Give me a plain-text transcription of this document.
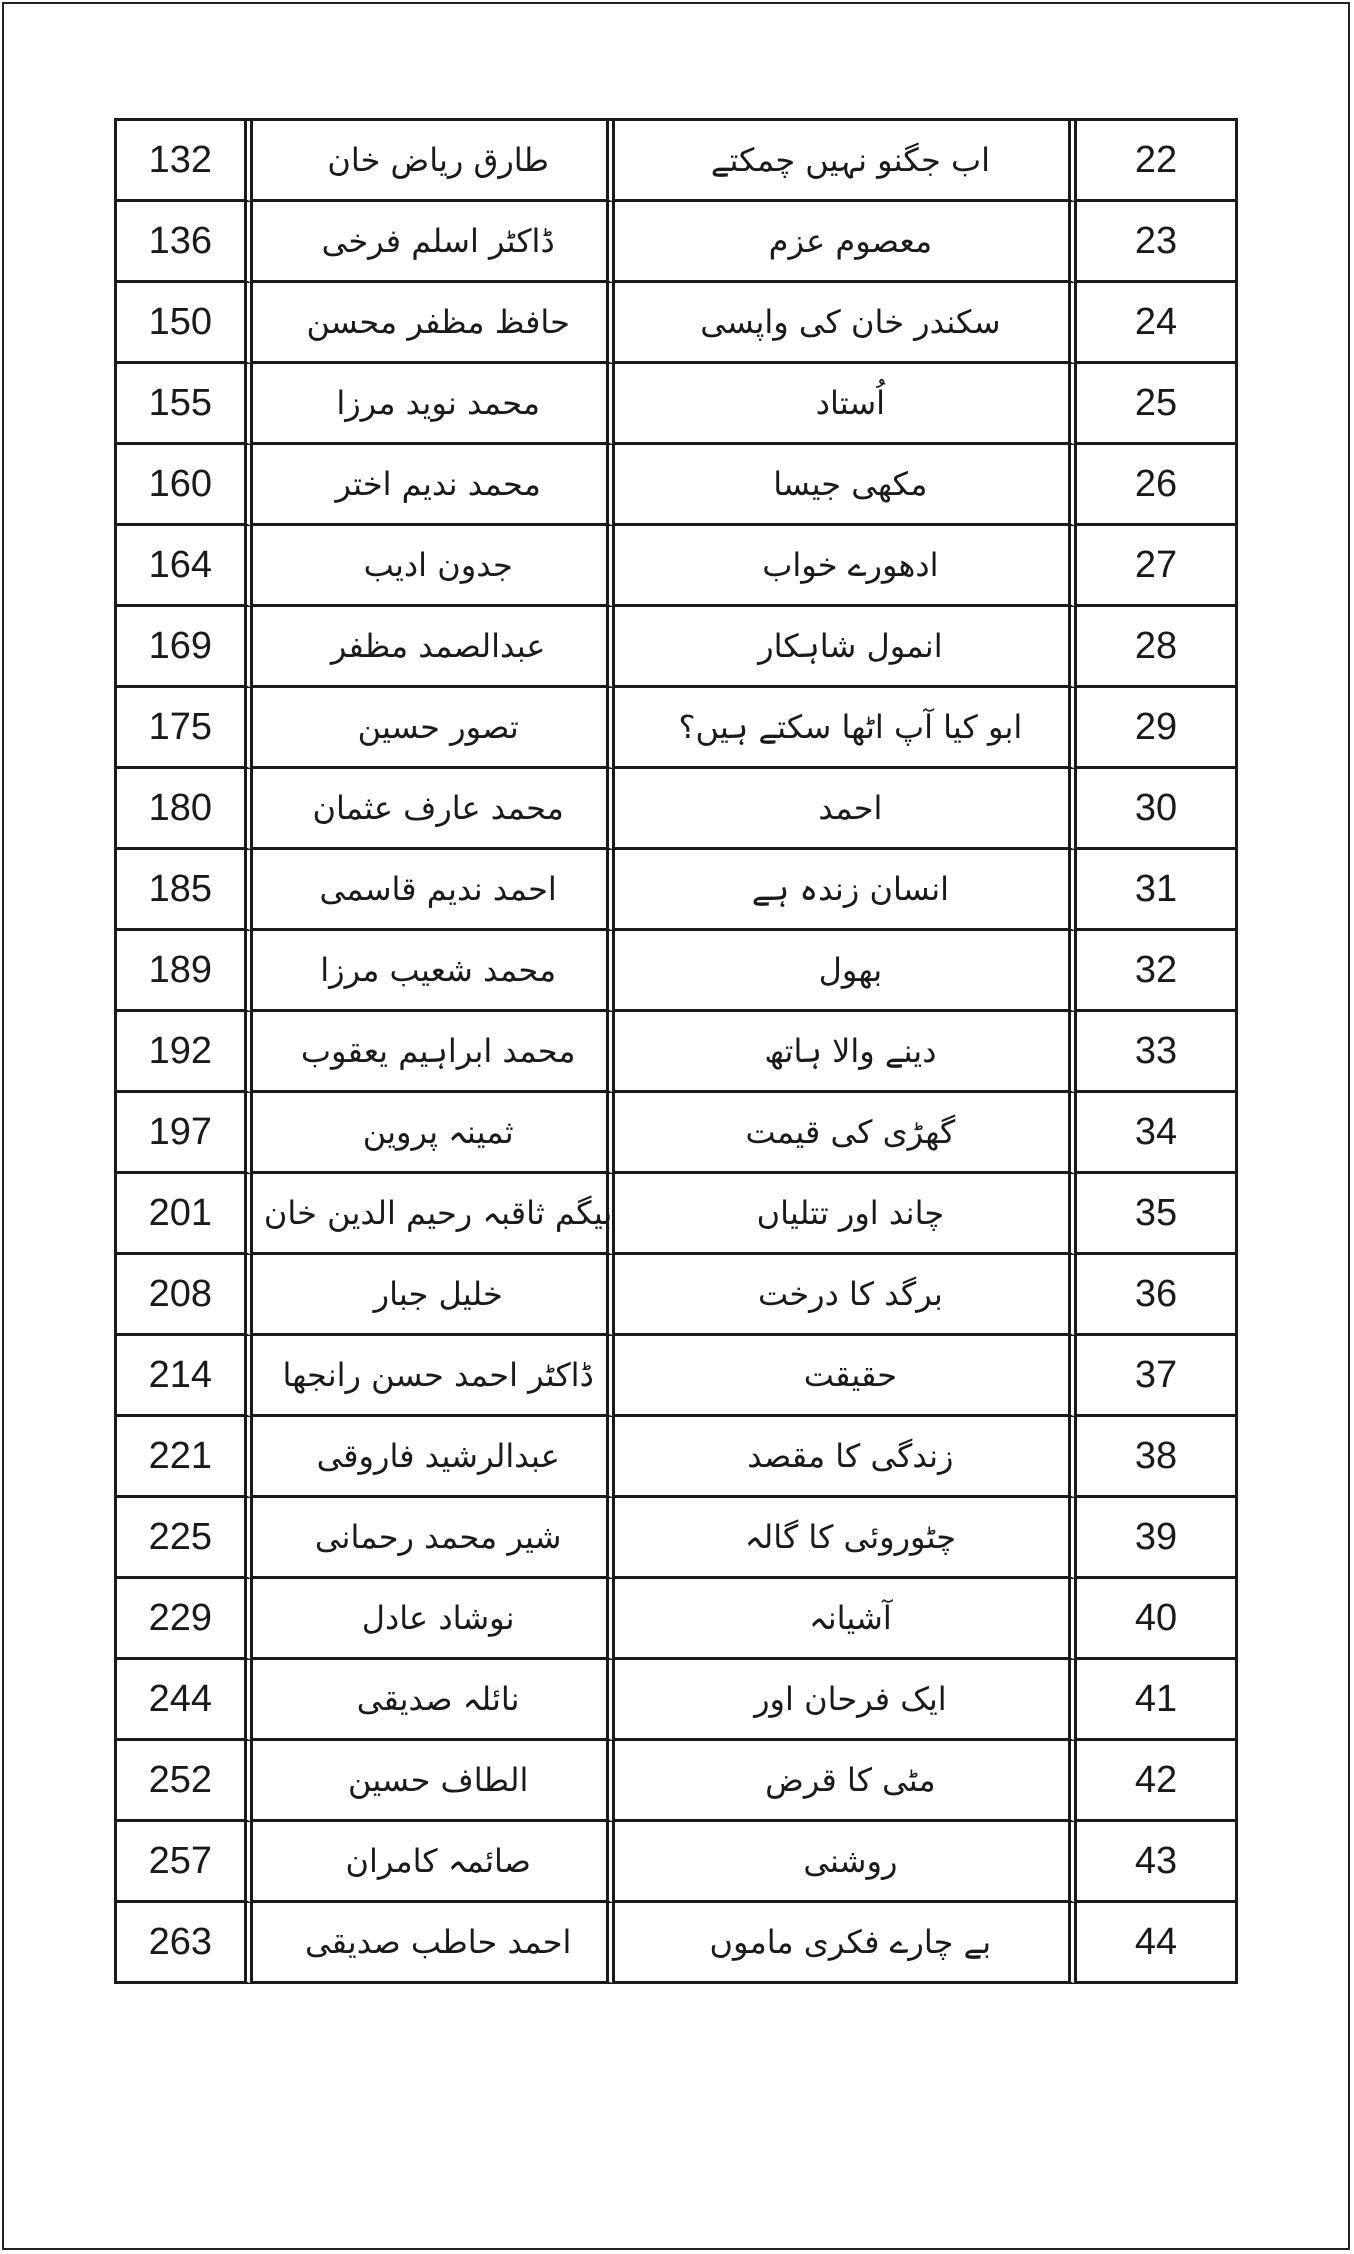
132	طارق ریاض خان	اب جگنو نہیں چمکتے	22
136	ڈاکٹر اسلم فرخی	معصوم عزم	23
150	حافظ مظفر محسن	سکندر خان کی واپسی	24
155	محمد نوید مرزا	اُستاد	25
160	محمد ندیم اختر	مکھی جیسا	26
164	جدون ادیب	ادھورے خواب	27
169	عبدالصمد مظفر	انمول شاہکار	28
175	تصور حسین	ابو کیا آپ اٹھا سکتے ہیں؟	29
180	محمد عارف عثمان	احمد	30
185	احمد ندیم قاسمی	انسان زندہ ہے	31
189	محمد شعیب مرزا	بھول	32
192	محمد ابراہیم یعقوب	دینے والا ہاتھ	33
197	ثمینہ پروین	گھڑی کی قیمت	34
201	بیگم ثاقبہ رحیم الدین خان	چاند اور تتلیاں	35
208	خلیل جبار	برگد کا درخت	36
214	ڈاکٹر احمد حسن رانجھا	حقیقت	37
221	عبدالرشید فاروقی	زندگی کا مقصد	38
225	شیر محمد رحمانی	چٹوروئی کا گالہ	39
229	نوشاد عادل	آشیانہ	40
244	نائلہ صدیقی	ایک فرحان اور	41
252	الطاف حسین	مٹی کا قرض	42
257	صائمہ کامران	روشنی	43
263	احمد حاطب صدیقی	بے چارے فکری ماموں	44
